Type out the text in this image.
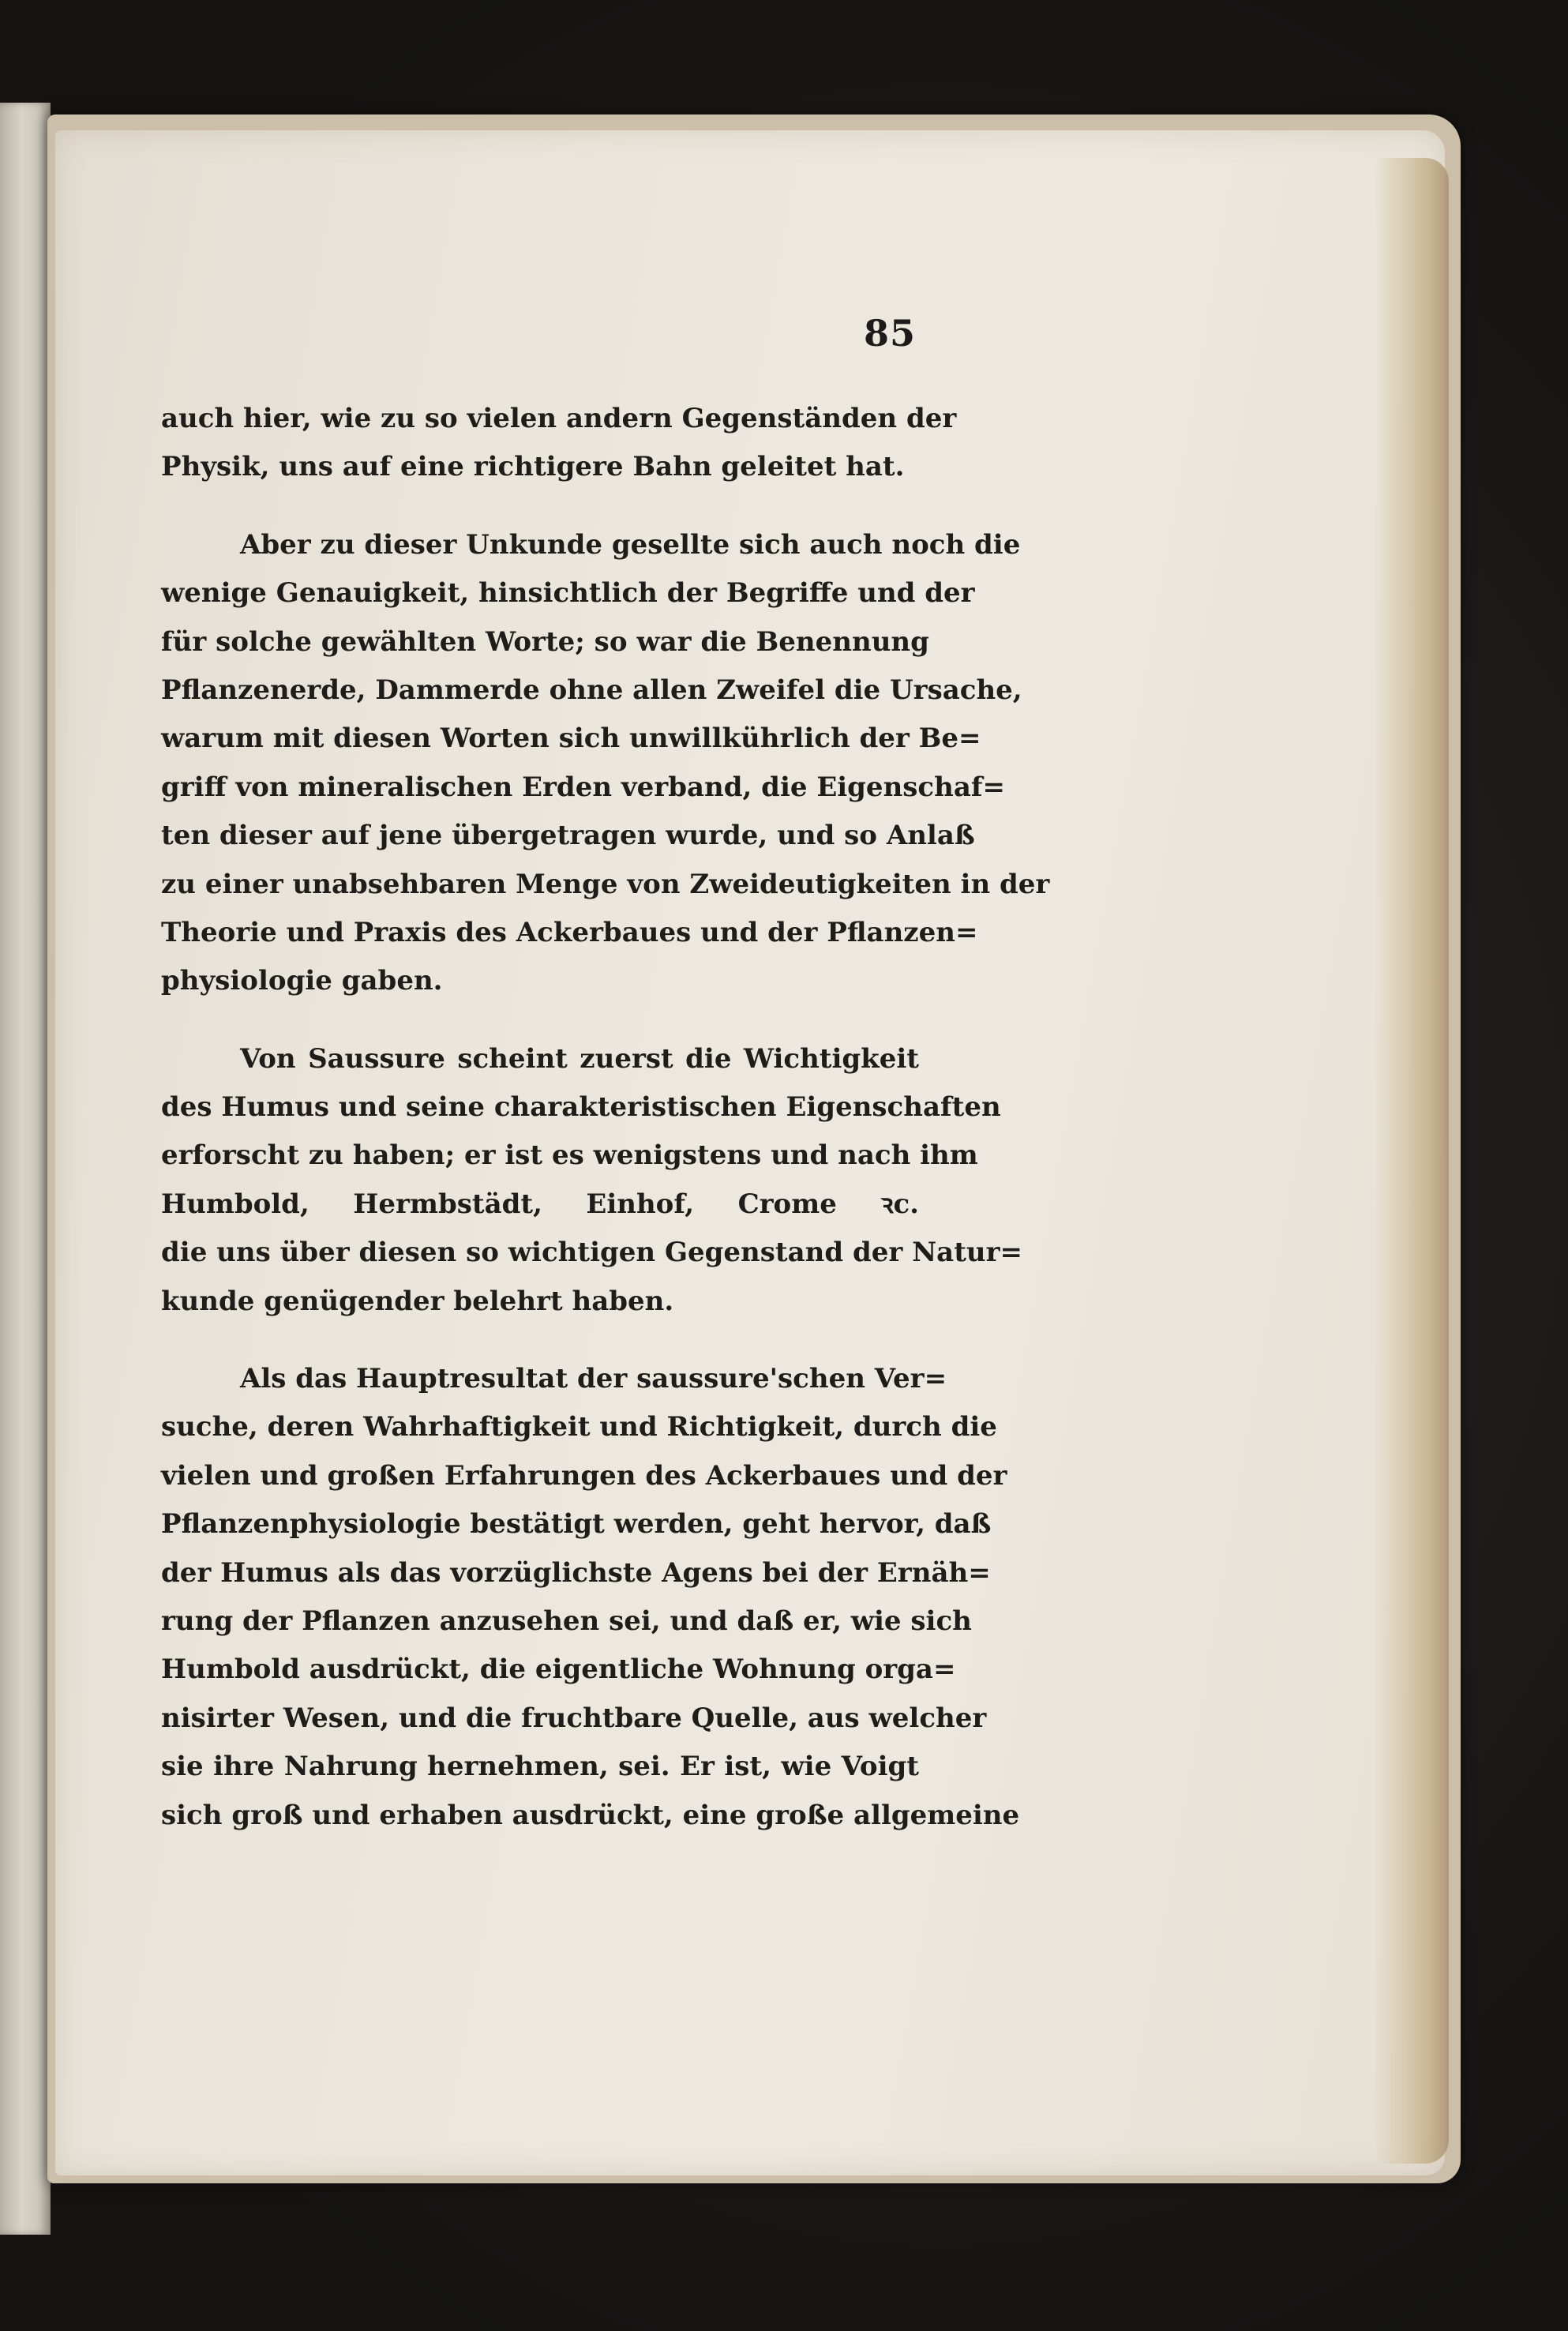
85
auch hier, wie zu so vielen andern Gegenständen der
Physik, uns auf eine richtigere Bahn geleitet hat.
Aber zu dieser Unkunde gesellte sich auch noch die
wenige Genauigkeit, hinsichtlich der Begriffe und der
für solche gewählten Worte; so war die Benennung
Pflanzenerde, Dammerde ohne allen Zweifel die Ursache,
warum mit diesen Worten sich unwillkührlich der Be=
griff von mineralischen Erden verband, die Eigenschaf=
ten dieser auf jene übergetragen wurde, und so Anlaß
zu einer unabsehbaren Menge von Zweideutigkeiten in der
Theorie und Praxis des Ackerbaues und der Pflanzen=
physiologie gaben.
Von Saussure scheint zuerst die Wichtigkeit
des Humus und seine charakteristischen Eigenschaften
erforscht zu haben; er ist es wenigstens und nach ihm
Humbold, Hermbstädt, Einhof, Crome ꝛc.
die uns über diesen so wichtigen Gegenstand der Natur=
kunde genügender belehrt haben.
Als das Hauptresultat der saussure'schen Ver=
suche, deren Wahrhaftigkeit und Richtigkeit, durch die
vielen und großen Erfahrungen des Ackerbaues und der
Pflanzenphysiologie bestätigt werden, geht hervor, daß
der Humus als das vorzüglichste Agens bei der Ernäh=
rung der Pflanzen anzusehen sei, und daß er, wie sich
Humbold ausdrückt, die eigentliche Wohnung orga=
nisirter Wesen, und die fruchtbare Quelle, aus welcher
sie ihre Nahrung hernehmen, sei. Er ist, wie Voigt
sich groß und erhaben ausdrückt, eine große allgemeine
